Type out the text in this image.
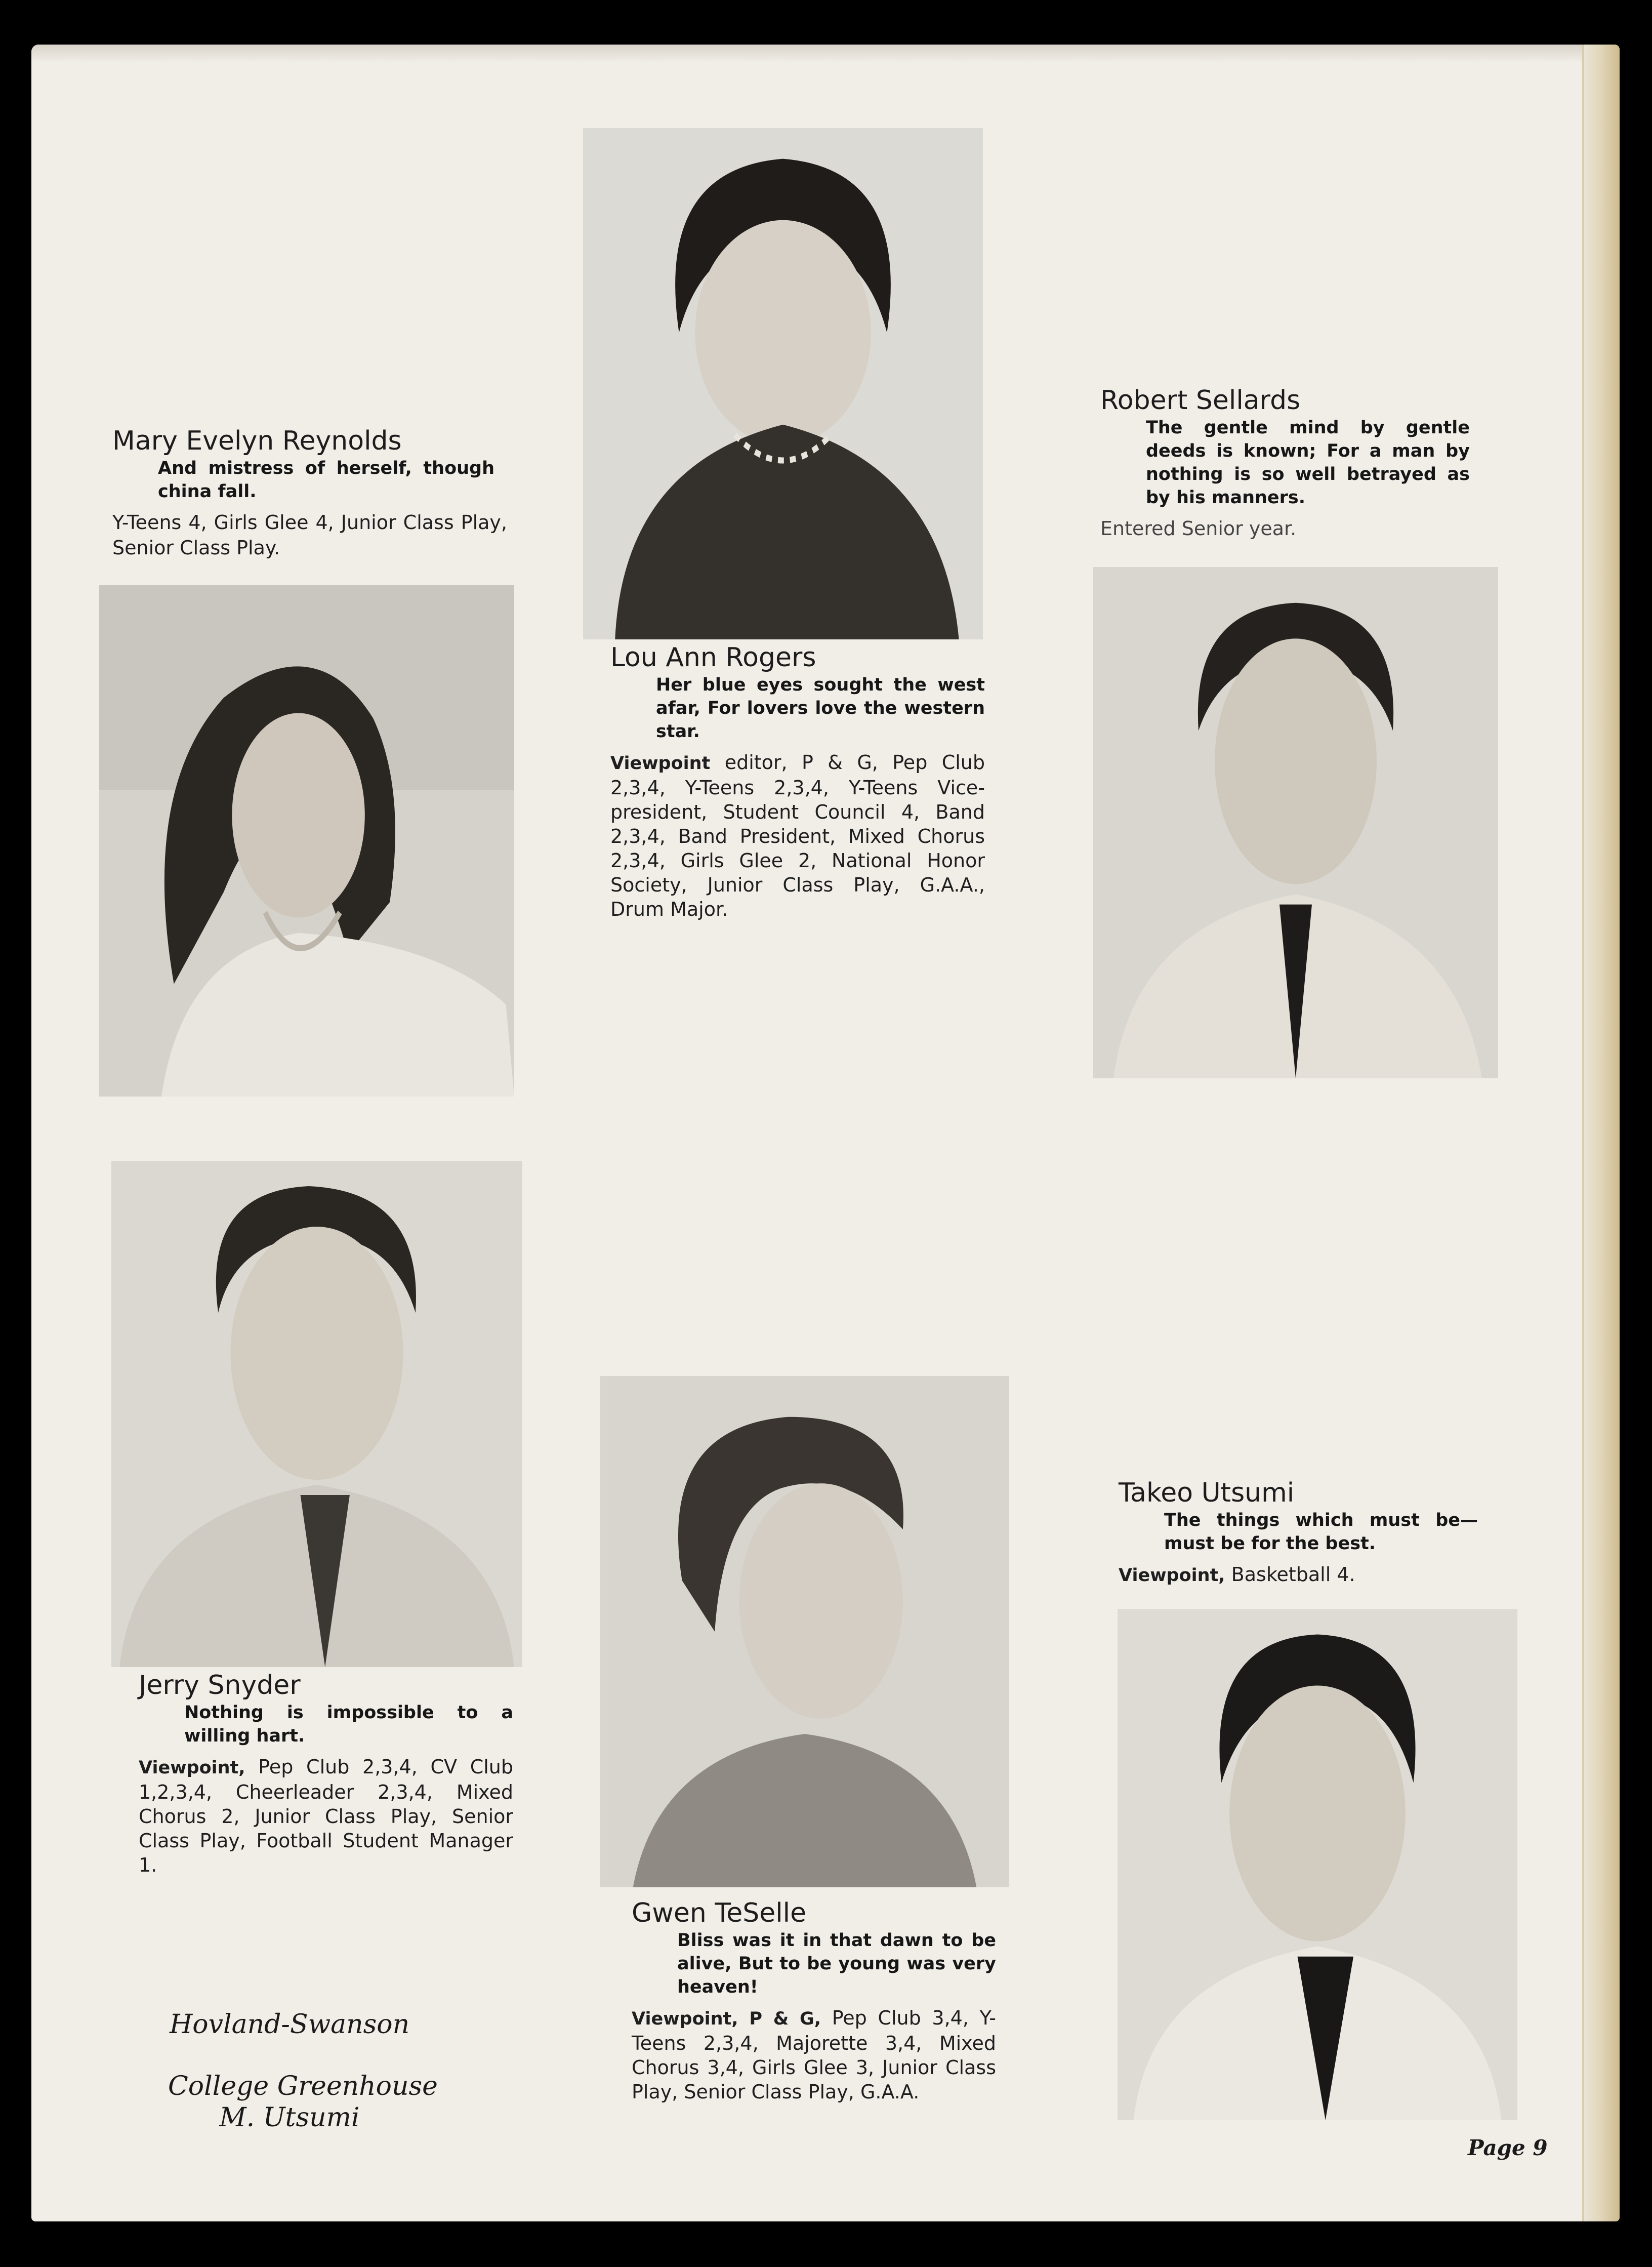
Mary Evelyn Reynolds
And mistress of herself, though china fall.
Y-Teens 4, Girls Glee 4, Junior Class Play, Senior Class Play.
Lou Ann Rogers
Her blue eyes sought the west afar, For lovers love the western star.
Viewpoint editor, P & G, Pep Club 2,3,4, Y-Teens 2,3,4, Y-Teens Vice-president, Student Council 4, Band 2,3,4, Band President, Mixed Chorus 2,3,4, Girls Glee 2, National Honor Society, Junior Class Play, G.A.A., Drum Major.
Robert Sellards
The gentle mind by gentle deeds is known; For a man by nothing is so well betrayed as by his manners.
Entered Senior year.
Jerry Snyder
Nothing is impossible to a willing hart.
Viewpoint, Pep Club 2,3,4, CV Club 1,2,3,4, Cheerleader 2,3,4, Mixed Chorus 2, Junior Class Play, Senior Class Play, Football Student Manager 1.
Gwen TeSelle
Bliss was it in that dawn to be alive, But to be young was very heaven!
Viewpoint, P & G, Pep Club 3,4, Y-Teens 2,3,4, Majorette 3,4, Mixed Chorus 3,4, Girls Glee 3, Junior Class Play, Senior Class Play, G.A.A.
Takeo Utsumi
The things which must be— must be for the best.
Viewpoint, Basketball 4.
Hovland-Swanson
College Greenhouse
M. Utsumi
Page 9
